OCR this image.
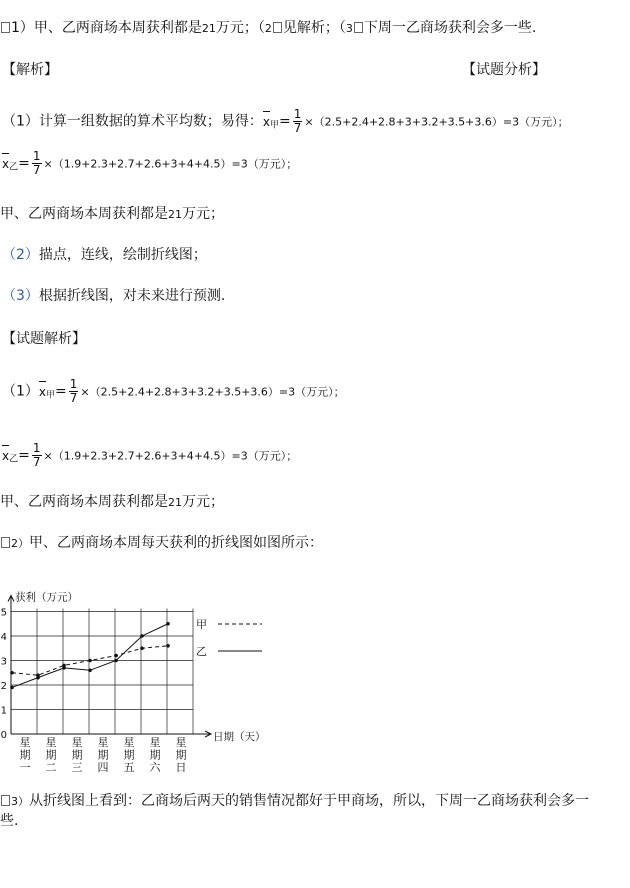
1）甲、乙两商场本周获利都是21万元；（2 见解析；（3 下周一乙商场获利会多一些.
【解析】	【试题分析】
（1）计算一组数据的算术平均数；易得：$x_甲= \frac{1}{7} \times(2.5+2.4+2.8+3+3.2+3.5+3.6)=3$（万元）；
$x_乙= \frac{1}{7} \times(1.9+2.3+2.7+2.6+3+4+4.5)=3$（万元）；
甲、乙两商场本周获利都是21万元；
（2）描点，连线，绘制折线图；
（3）根据折线图，对未来进行预测.
【试题解析】
$(1)x_甲= \frac{1}{7} \times(2.5+2.4+2.8+3+3.2+3.5+3.6)=3$（万元）；
$x_乙= \frac{1}{7} \times(1.9+2.3+2.7+2.6+3+4+4.5)=3$（万元）；
甲、乙两商场本周获利都是21万元；
2）甲、乙两商场本周每天获利的折线图如图所示：
0
1
2
3
4
5
获利（万元）
日期（天）
星
期
一
星
期
二
星
期
三
星
期
四
星
期
五
星
期
六
星
期
日
甲
乙
3）从折线图上看到：乙商场后两天的销售情况都好于甲商场，所以，下周一乙商场获利会多一
些.
